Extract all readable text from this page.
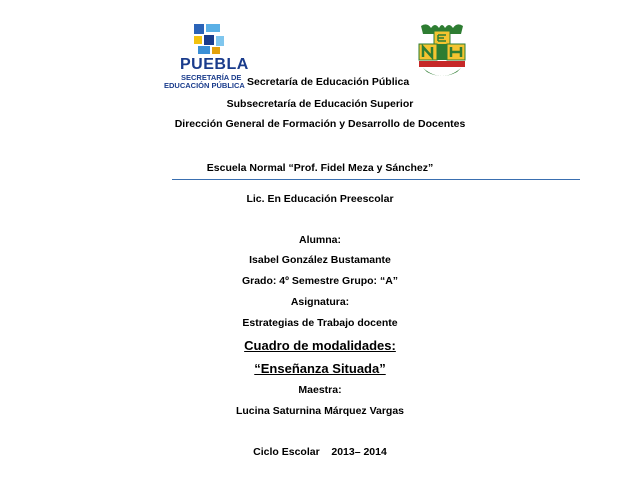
PUEBLA
SECRETARÍA DE
EDUCACIÓN PÚBLICA Secretaría de Educación Pública
Subsecretaría de Educación Superior
Dirección General de Formación y Desarrollo de Docentes
Escuela Normal “Prof. Fidel Meza y Sánchez”
Lic. En Educación Preescolar
Alumna:
Isabel González Bustamante
Grado: 4º Semestre Grupo: “A”
Asignatura:
Estrategias de Trabajo docente
Cuadro de modalidades:
“Enseñanza Situada”
Maestra:
Lucina Saturnina Márquez Vargas
Ciclo Escolar    2013– 2014
